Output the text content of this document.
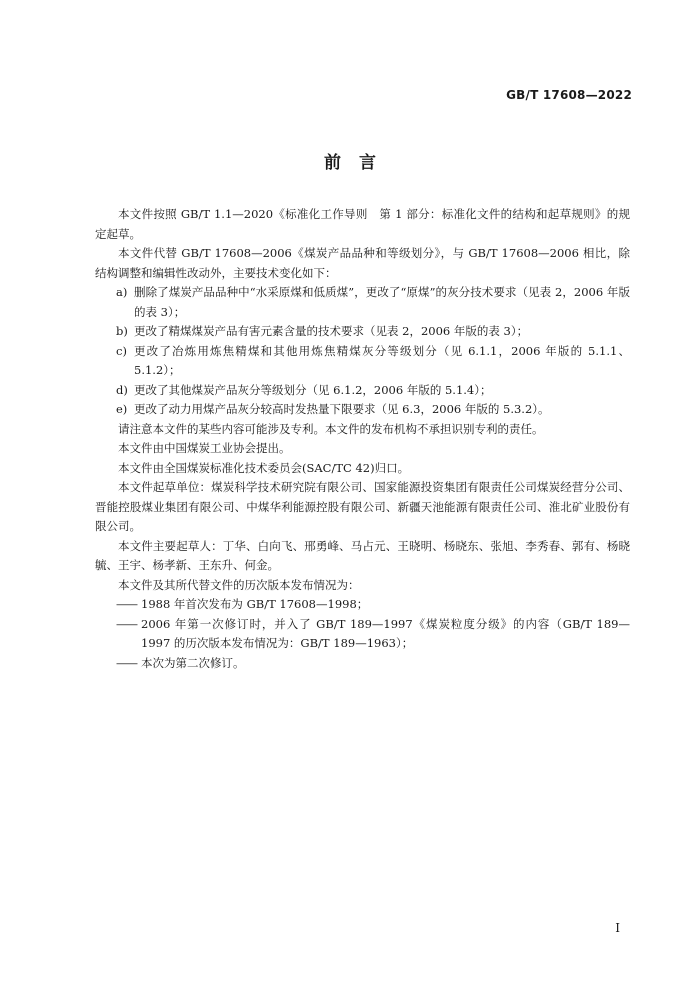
GB/T 17608—2022
前言

本文件按照 GB/T 1.1—2020《标准化工作导则　第 1 部分：标准化文件的结构和起草规则》的规定起草。

本文件代替 GB/T 17608—2006《煤炭产品品种和等级划分》，与 GB/T 17608—2006 相比，除结构调整和编辑性改动外，主要技术变化如下：

a) 删除了煤炭产品品种中“水采原煤和低质煤”，更改了“原煤”的灰分技术要求（见表 2，2006 年版的表 3）；
b) 更改了精煤煤炭产品有害元素含量的技术要求（见表 2，2006 年版的表 3）；
c) 更改了冶炼用炼焦精煤和其他用炼焦精煤灰分等级划分（见 6.1.1，2006 年版的 5.1.1、5.1.2）；
d) 更改了其他煤炭产品灰分等级划分（见 6.1.2，2006 年版的 5.1.4）；
e) 更改了动力用煤产品灰分较高时发热量下限要求（见 6.3，2006 年版的 5.3.2）。

请注意本文件的某些内容可能涉及专利。本文件的发布机构不承担识别专利的责任。

本文件由中国煤炭工业协会提出。

本文件由全国煤炭标准化技术委员会(SAC/TC 42)归口。

本文件起草单位：煤炭科学技术研究院有限公司、国家能源投资集团有限责任公司煤炭经营分公司、晋能控股煤业集团有限公司、中煤华利能源控股有限公司、新疆天池能源有限责任公司、淮北矿业股份有限公司。

本文件主要起草人：丁华、白向飞、邢勇峰、马占元、王晓明、杨晓东、张旭、李秀春、郭有、杨晓毓、王宇、杨孝新、王东升、何金。

本文件及其所代替文件的历次版本发布情况为：

—— 1988 年首次发布为 GB/T 17608—1998；
—— 2006 年第一次修订时，并入了 GB/T 189—1997《煤炭粒度分级》的内容（GB/T 189—1997 的历次版本发布情况为：GB/T 189—1963）；
—— 本次为第二次修订。
I
